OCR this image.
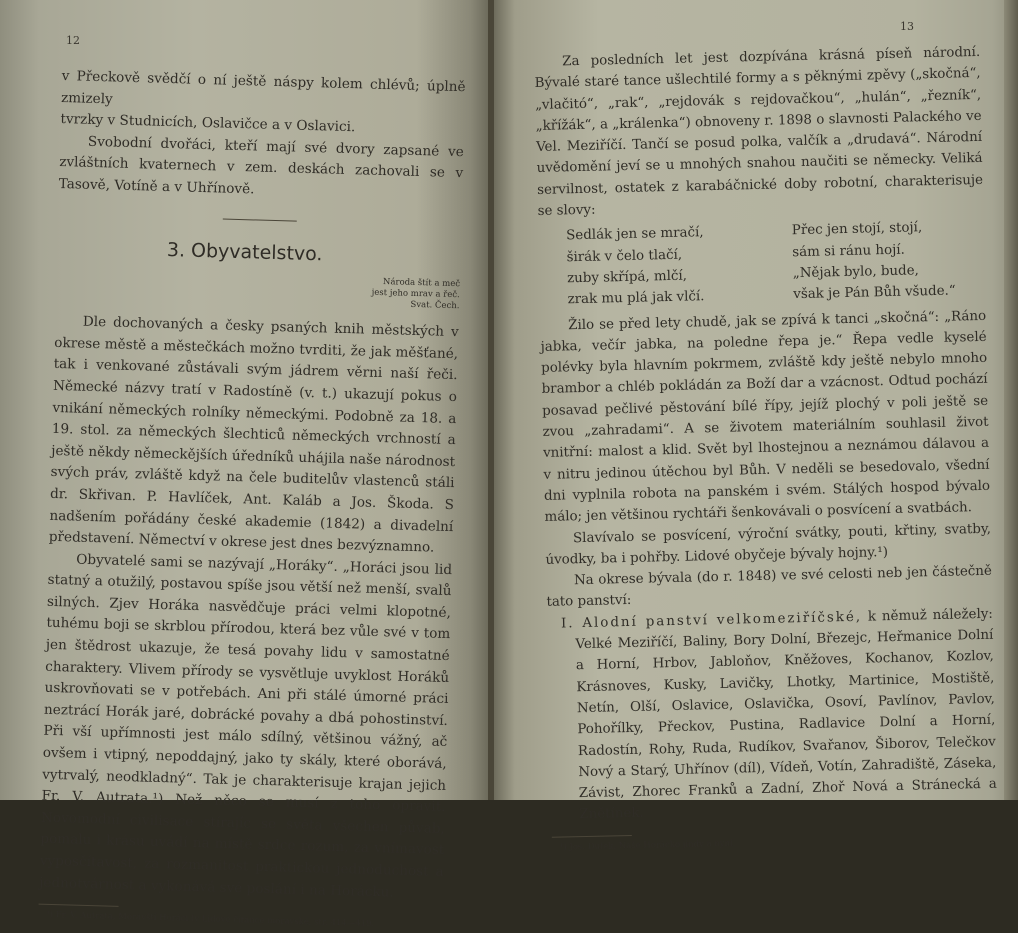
12

v Přeckově svědčí o ní ještě náspy kolem chlévů; úplně zmizely

tvrzky v Studnicích, Oslavičce a v Oslavici.

Svobodní dvořáci, kteří mají své dvory zapsané ve zvláštních kvaternech v zem. deskách zachovali se v Tasově, Votíně a v Uhřínově.

3. Obyvatelstvo.
Národa štít a meč
jest jeho mrav a řeč.
Svat. Čech.

Dle dochovaných a česky psaných knih městských v okrese městě a městečkách možno tvrditi, že jak měšťané, tak i venkované zůstávali svým jádrem věrni naší řeči. Německé názvy tratí v Radostíně (v. t.) ukazují pokus o vnikání německých rolníky německými. Podobně za 18. a 19. stol. za německých šlechticů německých vrchností a ještě někdy německějších úředníků uhájila naše národnost svých práv, zvláště když na čele buditelův vlastenců stáli dr. Skřivan. P. Havlíček, Ant. Kaláb a Jos. Škoda. S nadšením pořádány české akademie (1842) a divadelní představení. Němectví v okrese jest dnes bezvýznamno.

Obyvatelé sami se nazývají „Horáky“. „Horáci jsou lid statný a otužilý, postavou spíše jsou větší než menší, svalů silných. Zjev Horáka nasvědčuje práci velmi klopotné, tuhému boji se skrblou přírodou, která bez vůle své v tom jen štědrost ukazuje, že tesá povahy lidu v samostatné charaktery. Vlivem přírody se vysvětluje uvyklost Horáků uskrovňovati se v potřebách. Ani při stálé úmorné práci neztrácí Horák jaré, dobrácké povahy a dbá pohostinství. Při vší upřímnosti jest málo sdílný, většinou vážný, ač ovšem i vtipný, nepoddajný, jako ty skály, které oborává, vytrvalý, neodkladný“. Tak je charakterisuje krajan jejich Fr. V. Autrata.¹) Než něco se musí z toho opravit. Novomodní civilisace stírajíc se světa všechen půvab, pomalu i krásu uvádí na místě srdce rozum, za vnímavost vyposčítavost, za rozmanitost praktickou jednoduchost a jednotvárnost a vykonává své poslání i na Horácku.

¹) Fr. V. Autrata, Moravští Horáci (v Lidové čítance moravské, str. 414—419.
13

Za posledních let jest dozpívána krásná píseň národní. Bývalé staré tance ušlechtilé formy a s pěknými zpěvy („skočná“, „vlačitó“, „rak“, „rejdovák s rejdovačkou“, „hulán“, „řezník“, „křížák“, a „králenka“) obnoveny r. 1898 o slavnosti Palackého ve Vel. Meziříčí. Tančí se posud polka, valčík a „drudavá“. Národní uvědomění jeví se u mnohých snahou naučiti se německy. Veliká servilnost, ostatek z karabáčnické doby robotní, charakterisuje se slovy:

Sedlák jen se mračí,
širák v čelo tlačí,
zuby skřípá, mlčí,
zrak mu plá jak vlčí.
Přec jen stojí, stojí,
sám si ránu hojí.
„Nějak bylo, bude,
však je Pán Bůh všude.“

Žilo se před lety chudě, jak se zpívá k tanci „skočná“: „Ráno jabka, večír jabka, na poledne řepa je.“ Řepa vedle kyselé polévky byla hlavním pokrmem, zvláště kdy ještě nebylo mnoho brambor a chléb pokládán za Boží dar a vzácnost. Odtud pochází posavad pečlivé pěstování bílé řípy, jejíž plochý v poli ještě se zvou „zahradami“. A se životem materiálním souhlasil život vnitřní: malost a klid. Svět byl lhostejnou a neznámou dálavou a v nitru jedinou útěchou byl Bůh. V neděli se besedovalo, všední dni vyplnila robota na panském i svém. Stálých hospod bývalo málo; jen většinou rychtáři šenkovávali o posvícení a svatbách.

Slavívalo se posvícení, výroční svátky, pouti, křtiny, svatby, úvodky, ba i pohřby. Lidové obyčeje bývaly hojny.¹)

Na okrese bývala (do r. 1848) ve své celosti neb jen částečně tato panství:

I. Alodní panství velkomeziříčské, k němuž náležely: Velké Meziříčí, Baliny, Bory Dolní, Březejc, Heřmanice Dolní a Horní, Hrbov, Jabloňov, Kněžoves, Kochanov, Kozlov, Krásnoves, Kusky, Lavičky, Lhotky, Martinice, Mostiště, Netín, Olší, Oslavice, Oslavička, Osoví, Pavlínov, Pavlov, Pohořílky, Přeckov, Pustina, Radlavice Dolní a Horní, Radostín, Rohy, Ruda, Rudíkov, Svařanov, Šiborov, Telečkov Nový a Starý, Uhřínov (díl), Vídeň, Votín, Zahradiště, Záseka, Závist, Zhorec Franků a Zadní, Zhoř Nová a Stránecká a Znětínek.

¹) Jos. Dufek, Naše Horácko jindy a nyní.
